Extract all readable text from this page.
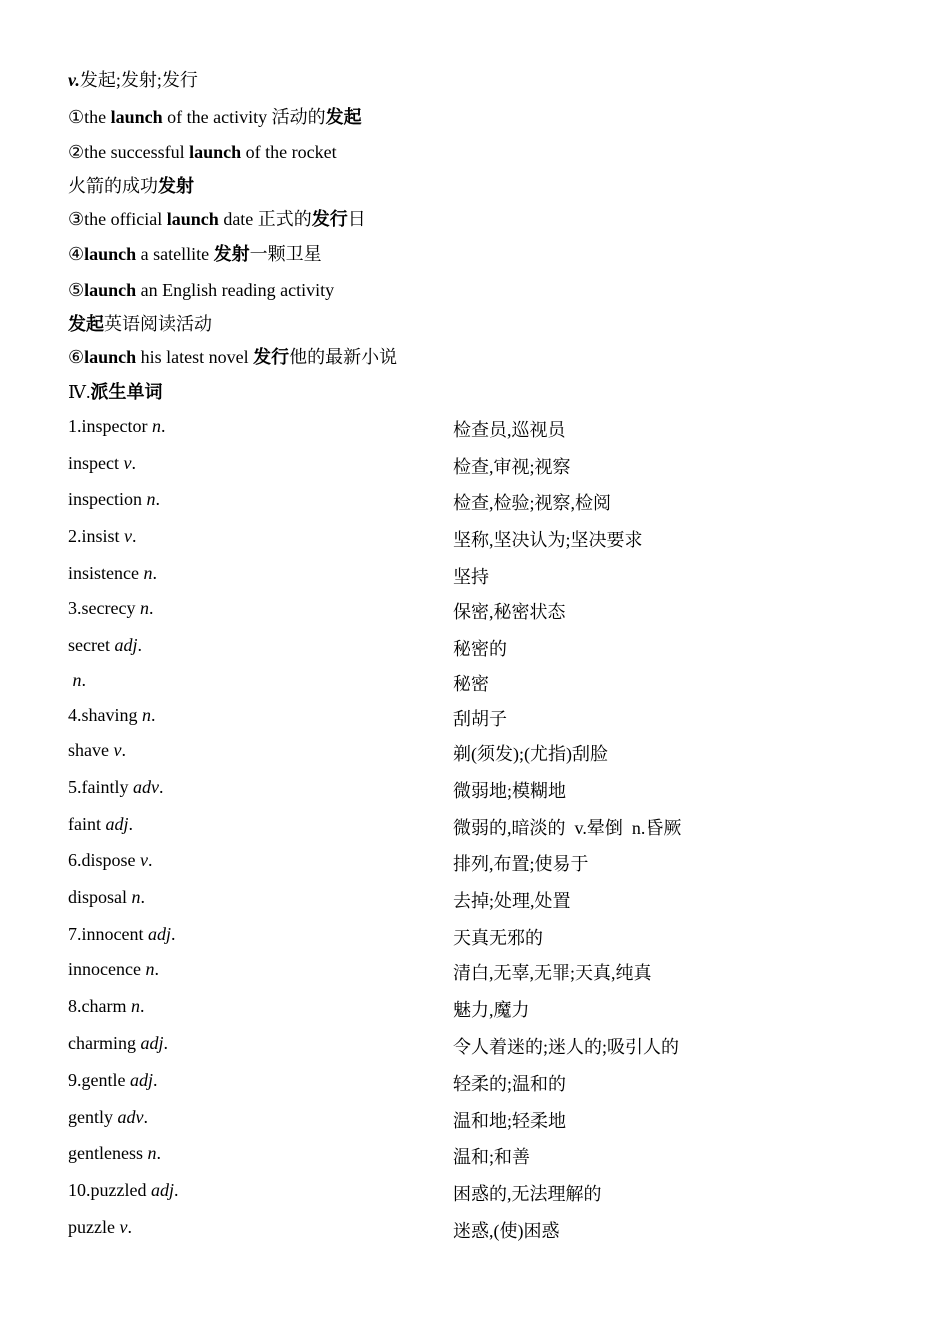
v.发起;发射;发行
①the launch of the activity 活动的发起
②the successful launch of the rocket
火箭的成功发射
③the official launch date 正式的发行日
④launch a satellite 发射一颗卫星
⑤launch an English reading activity
发起英语阅读活动
⑥launch his latest novel 发行他的最新小说
Ⅳ.派生单词
1.inspector n.	检查员,巡视员
inspect v.	检查,审视;视察
inspection n.	检查,检验;视察,检阅
2.insist v.	坚称,坚决认为;坚决要求
insistence n.	坚持
3.secrecy n.	保密,秘密状态
secret adj.	秘密的
n.	秘密
4.shaving n.	刮胡子
shave v.	剃(须发);(尤指)刮脸
5.faintly adv.	微弱地;模糊地
faint adj.	微弱的,暗淡的  v.晕倒  n.昏厥
6.dispose v.	排列,布置;使易于
disposal n.	去掉;处理,处置
7.innocent adj.	天真无邪的
innocence n.	清白,无辜,无罪;天真,纯真
8.charm n.	魅力,魔力
charming adj.	令人着迷的;迷人的;吸引人的
9.gentle adj.	轻柔的;温和的
gently adv.	温和地;轻柔地
gentleness n.	温和;和善
10.puzzled adj.	困惑的,无法理解的
puzzle v.	迷惑,(使)困惑
